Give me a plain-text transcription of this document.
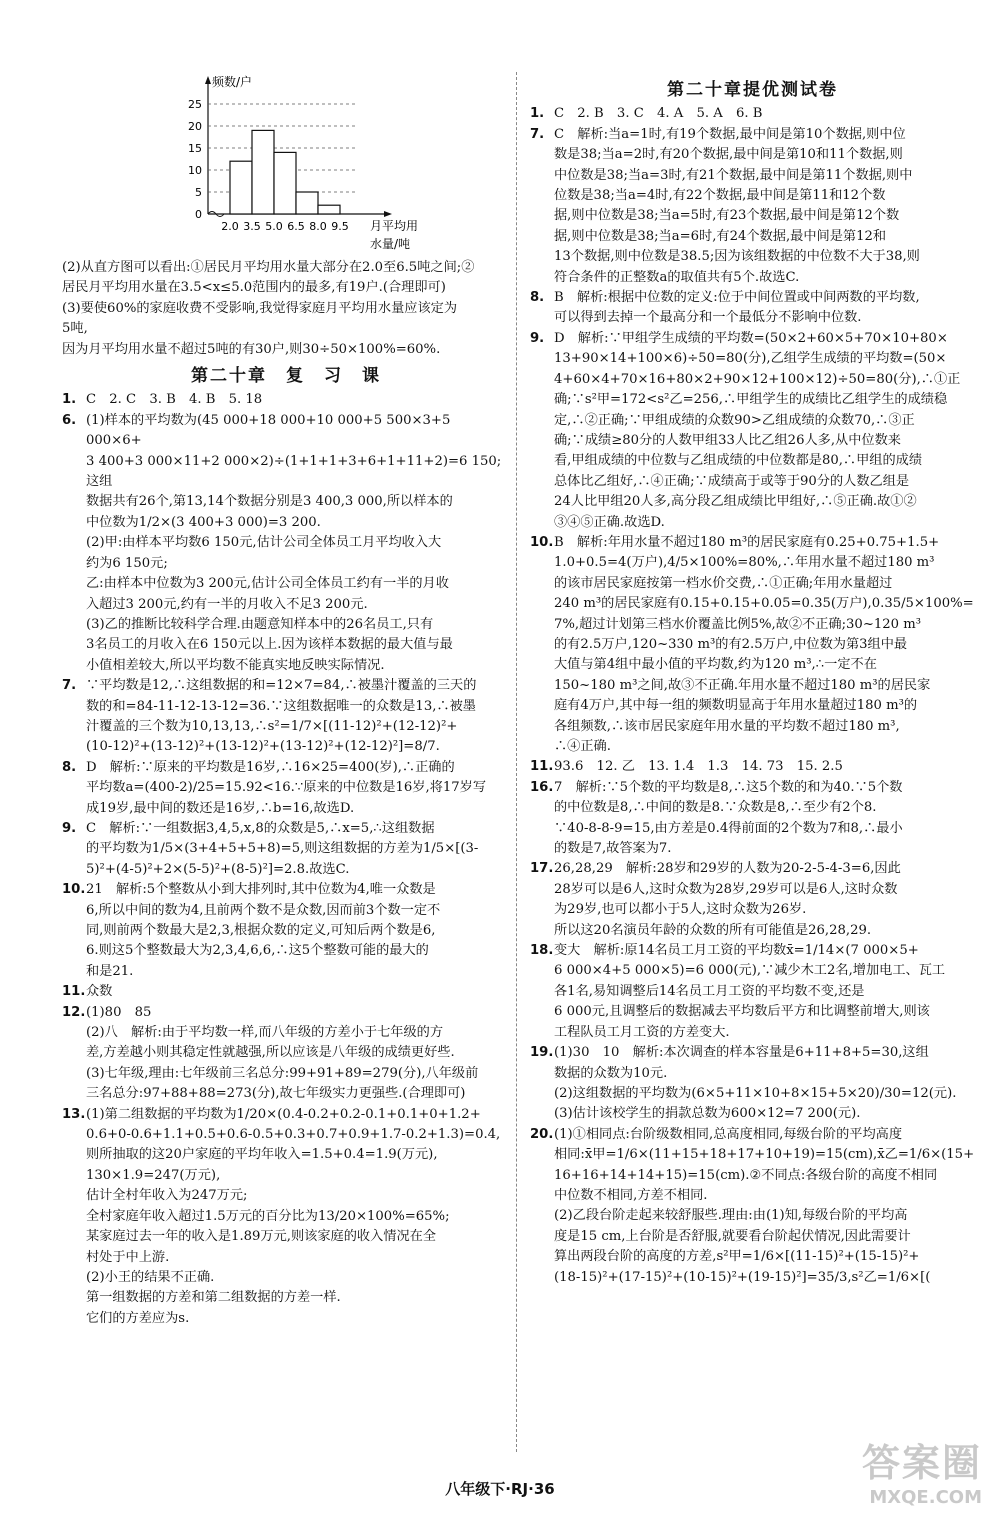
25
20
15
10
5
0
2.0 3.5 5.0 6.5 8.0 9.5
频数/户
月平均用
水量/吨
(2)从直方图可以看出:①居民月平均用水量大部分在2.0至6.5吨之间;②
居民月平均用水量在3.5<x≤5.0范围内的最多,有19户.(合理即可)
(3)要使60%的家庭收费不受影响,我觉得家庭月平均用水量应该定为
5吨,
因为月平均用水量不超过5吨的有30户,则30÷50×100%=60%.
第二十章　复　习　课
1. C　2. C　3. B　4. B　5. 18
6. (1)样本的平均数为(45 000+18 000+10 000+5 500×3+5 000×6+
3 400+3 000×11+2 000×2)÷(1+1+1+3+6+1+11+2)=6 150;这组
数据共有26个,第13,14个数据分别是3 400,3 000,所以样本的
中位数为1/2×(3 400+3 000)=3 200.
(2)甲:由样本平均数6 150元,估计公司全体员工月平均收入大
约为6 150元;
乙:由样本中位数为3 200元,估计公司全体员工约有一半的月收
入超过3 200元,约有一半的月收入不足3 200元.
(3)乙的推断比较科学合理.由题意知样本中的26名员工,只有
3名员工的月收入在6 150元以上.因为该样本数据的最大值与最
小值相差较大,所以平均数不能真实地反映实际情况.
7. ∵平均数是12,∴这组数据的和=12×7=84,∴被墨汁覆盖的三天的
数的和=84-11-12-13-12=36.∵这组数据唯一的众数是13,∴被墨
汁覆盖的三个数为10,13,13,∴s²=1/7×[(11-12)²+(12-12)²+
(10-12)²+(13-12)²+(13-12)²+(13-12)²+(12-12)²]=8/7.
8. D　解析:∵原来的平均数是16岁,∴16×25=400(岁),∴正确的
平均数a=(400-2)/25=15.92<16.∵原来的中位数是16岁,将17岁写
成19岁,最中间的数还是16岁,∴b=16,故选D.
9. C　解析:∵一组数据3,4,5,x,8的众数是5,∴x=5,∴这组数据
的平均数为1/5×(3+4+5+5+8)=5,则这组数据的方差为1/5×[(3-
5)²+(4-5)²+2×(5-5)²+(8-5)²]=2.8.故选C.
10. 21　解析:5个整数从小到大排列时,其中位数为4,唯一众数是
6,所以中间的数为4,且前两个数不是众数,因而前3个数一定不
同,则前两个数最大是2,3,根据众数的定义,可知后两个数是6,
6.则这5个整数最大为2,3,4,6,6,∴这5个整数可能的最大的
和是21.
11. 众数
12. (1)80　85
(2)八　解析:由于平均数一样,而八年级的方差小于七年级的方
差,方差越小则其稳定性就越强,所以应该是八年级的成绩更好些.
(3)七年级,理由:七年级前三名总分:99+91+89=279(分),八年级前
三名总分:97+88+88=273(分),故七年级实力更强些.(合理即可)
13. (1)第二组数据的平均数为1/20×(0.4-0.2+0.2-0.1+0.1+0+1.2+
0.6+0-0.6+1.1+0.5+0.6-0.5+0.3+0.7+0.9+1.7-0.2+1.3)=0.4,
则所抽取的这20户家庭的平均年收入=1.5+0.4=1.9(万元),
130×1.9=247(万元),
估计全村年收入为247万元;
全村家庭年收入超过1.5万元的百分比为13/20×100%=65%;
某家庭过去一年的收入是1.89万元,则该家庭的收入情况在全
村处于中上游.
(2)小王的结果不正确.
第一组数据的方差和第二组数据的方差一样.
它们的方差应为s.
第二十章提优测试卷
1. C　2. B　3. C　4. A　5. A　6. B
7. C　解析:当a=1时,有19个数据,最中间是第10个数据,则中位
数是38;当a=2时,有20个数据,最中间是第10和11个数据,则
中位数是38;当a=3时,有21个数据,最中间是第11个数据,则中
位数是38;当a=4时,有22个数据,最中间是第11和12个数
据,则中位数是38;当a=5时,有23个数据,最中间是第12个数
据,则中位数是38;当a=6时,有24个数据,最中间是第12和
13个数据,则中位数是38.5;因为该组数据的中位数不大于38,则
符合条件的正整数a的取值共有5个.故选C.
8. B　解析:根据中位数的定义:位于中间位置或中间两数的平均数,
可以得到去掉一个最高分和一个最低分不影响中位数.
9. D　解析:∵甲组学生成绩的平均数=(50×2+60×5+70×10+80×
13+90×14+100×6)÷50=80(分),乙组学生成绩的平均数=(50×
4+60×4+70×16+80×2+90×12+100×12)÷50=80(分),∴①正
确;∵s²甲=172<s²乙=256,∴甲组学生的成绩比乙组学生的成绩稳
定,∴②正确;∵甲组成绩的众数90>乙组成绩的众数70,∴③正
确;∵成绩≥80分的人数甲组33人比乙组26人多,从中位数来
看,甲组成绩的中位数与乙组成绩的中位数都是80,∴甲组的成绩
总体比乙组好,∴④正确;∵成绩高于或等于90分的人数乙组是
24人比甲组20人多,高分段乙组成绩比甲组好,∴⑤正确.故①②
③④⑤正确.故选D.
10. B　解析:年用水量不超过180 m³的居民家庭有0.25+0.75+1.5+
1.0+0.5=4(万户),4/5×100%=80%,∴年用水量不超过180 m³
的该市居民家庭按第一档水价交费,∴①正确;年用水量超过
240 m³的居民家庭有0.15+0.15+0.05=0.35(万户),0.35/5×100%=
7%,超过计划第三档水价覆盖比例5%,故②不正确;30~120 m³
的有2.5万户,120~330 m³的有2.5万户,中位数为第3组中最
大值与第4组中最小值的平均数,约为120 m³,∴一定不在
150~180 m³之间,故③不正确.年用水量不超过180 m³的居民家
庭有4万户,其中每一组的频数明显高于年用水量超过180 m³的
各组频数,∴该市居民家庭年用水量的平均数不超过180 m³,
∴④正确.
11. 93.6　12. 乙　13. 1.4　1.3　14. 73　15. 2.5
16. 7　解析:∵5个数的平均数是8,∴这5个数的和为40.∵5个数
的中位数是8,∴中间的数是8.∵众数是8,∴至少有2个8.
∵40-8-8-9=15,由方差是0.4得前面的2个数为7和8,∴最小
的数是7,故答案为7.
17. 26,28,29　解析:28岁和29岁的人数为20-2-5-4-3=6,因此
28岁可以是6人,这时众数为28岁,29岁可以是6人,这时众数
为29岁,也可以都小于5人,这时众数为26岁.
所以这20名演员年龄的众数的所有可能值是26,28,29.
18. 变大　解析:原14名员工月工资的平均数x̄=1/14×(7 000×5+
6 000×4+5 000×5)=6 000(元),∵减少木工2名,增加电工、瓦工
各1名,易知调整后14名员工月工资的平均数不变,还是
6 000元,且调整后的数据减去平均数后平方和比调整前增大,则该
工程队员工月工资的方差变大.
19. (1)30　10　解析:本次调查的样本容量是6+11+8+5=30,这组
数据的众数为10元.
(2)这组数据的平均数为(6×5+11×10+8×15+5×20)/30=12(元).
(3)估计该校学生的捐款总数为600×12=7 200(元).
20. (1)①相同点:台阶级数相同,总高度相同,每级台阶的平均高度
相同:x̄甲=1/6×(11+15+18+17+10+19)=15(cm),x̄乙=1/6×(15+
16+16+14+14+15)=15(cm).②不同点:各级台阶的高度不相同
中位数不相同,方差不相同.
(2)乙段台阶走起来较舒服些.理由:由(1)知,每级台阶的平均高
度是15 cm,上台阶是否舒服,就要看台阶起伏情况,因此需要计
算出两段台阶的高度的方差,s²甲=1/6×[(11-15)²+(15-15)²+
(18-15)²+(17-15)²+(10-15)²+(19-15)²]=35/3,s²乙=1/6×[(
八年级下·RJ·36
答案圈
MXQE.COM
